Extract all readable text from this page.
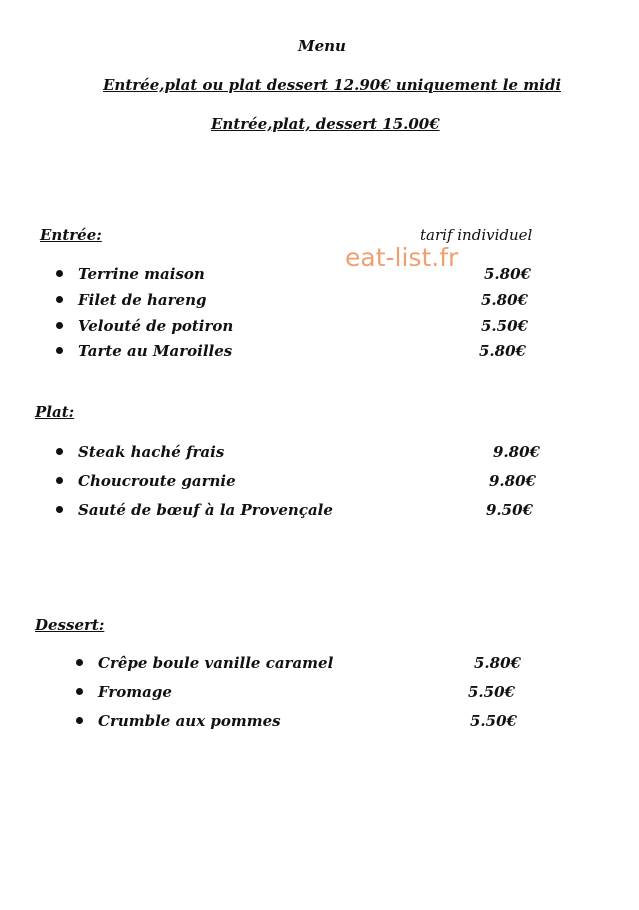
Menu
Entrée,plat ou plat dessert 12.90€ uniquement le midi
Entrée,plat, dessert 15.00€
eat-list.fr
Entrée:	tarif individuel
Terrine maison	5.80€
Filet de hareng	5.80€
Velouté de potiron	5.50€
Tarte au Maroilles	5.80€
Plat:
Steak haché frais	9.80€
Choucroute garnie	9.80€
Sauté de bœuf à la Provençale	9.50€
Dessert:
Crêpe boule vanille caramel	5.80€
Fromage	5.50€
Crumble aux pommes	5.50€
